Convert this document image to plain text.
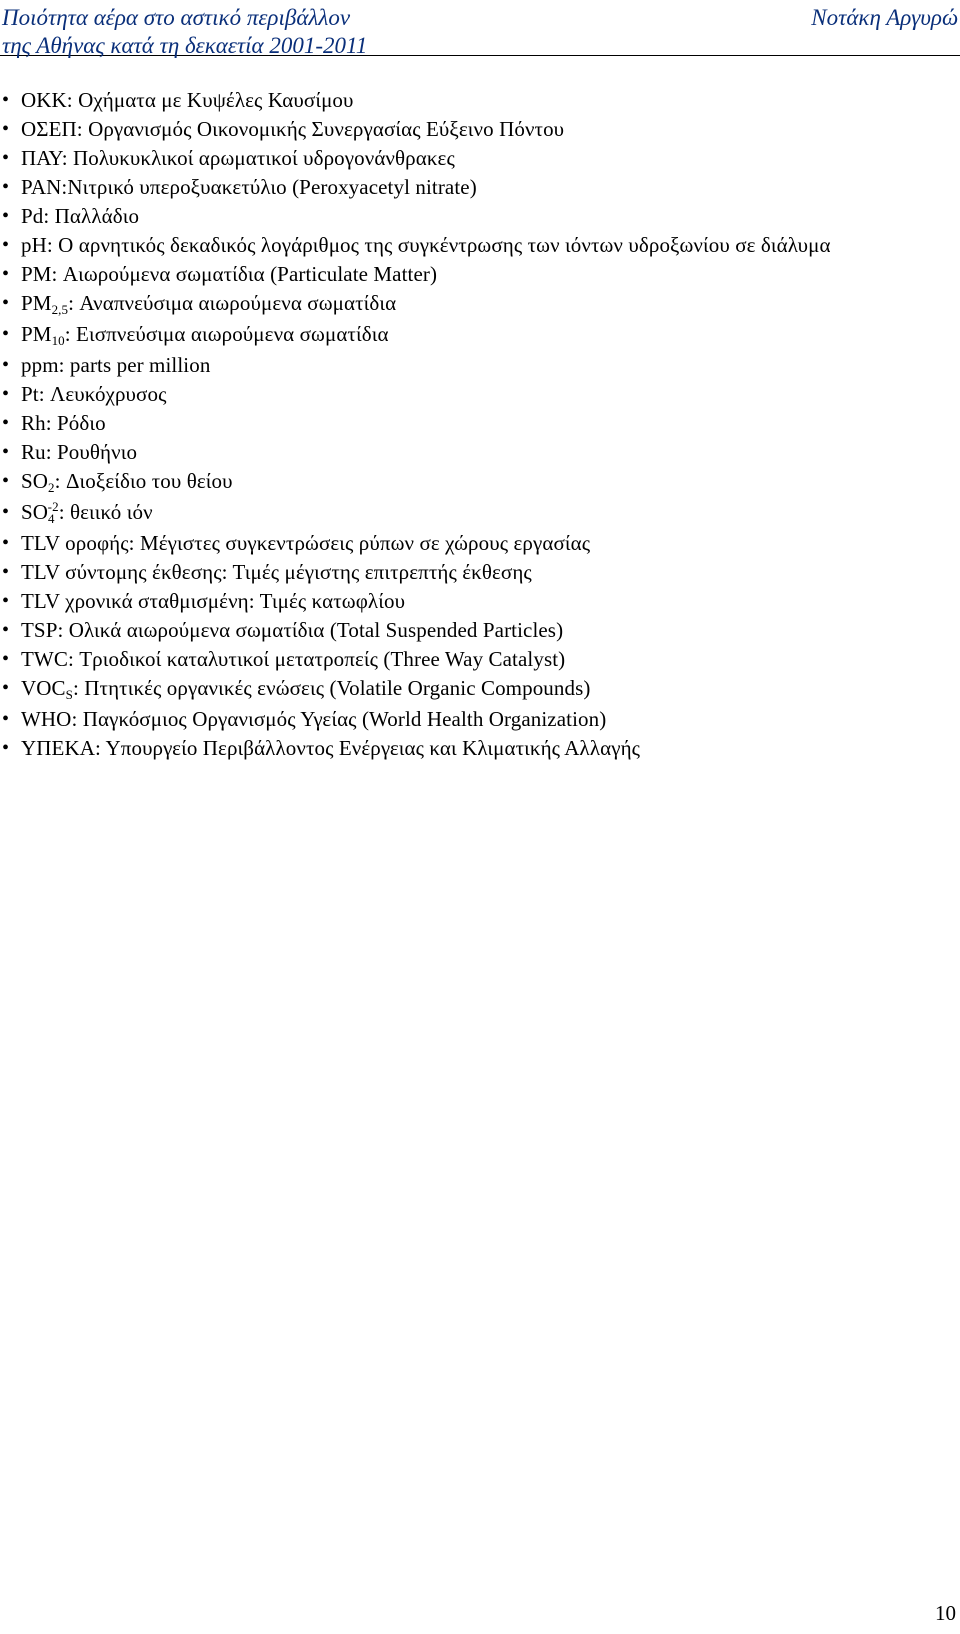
Ποιότητα αέρα στο αστικό περιβάλλον
της Αθήνας κατά τη δεκαετία 2001-2011
Νοτάκη Αργυρώ
• ΟΚΚ: Οχήματα με Κυψέλες Καυσίμου
• ΟΣΕΠ: Οργανισμός Οικονομικής Συνεργασίας Εύξεινο Πόντου
• ΠΑΥ: Πολυκυκλικοί αρωματικοί υδρογονάνθρακες
• PAN:Νιτρικό υπεροξυακετύλιο (Peroxyacetyl nitrate)
• Pd: Παλλάδιο
• pH: Ο αρνητικός δεκαδικός λογάριθμος της συγκέντρωσης των ιόντων υδροξωνίου σε διάλυμα
• PM: Αιωρούμενα σωματίδια (Particulate Matter)
• PM2,5: Αναπνεύσιμα αιωρούμενα σωματίδια
• PM10: Εισπνεύσιμα αιωρούμενα σωματίδια
• ppm: parts per million
• Pt: Λευκόχρυσος
• Rh: Ρόδιο
• Ru: Ρουθήνιο
• SO2: Διοξείδιο του θείου
• $SO4^{-2}$: θειικό ιόν
• TLV οροφής: Μέγιστες συγκεντρώσεις ρύπων σε χώρους εργασίας
• TLV σύντομης έκθεσης: Τιμές μέγιστης επιτρεπτής έκθεσης
• TLV χρονικά σταθμισμένη: Τιμές κατωφλίου
• TSP: Ολικά αιωρούμενα σωματίδια (Total Suspended Particles)
• TWC: Τριοδικοί καταλυτικοί μετατροπείς (Three Way Catalyst)
• VOCS: Πτητικές οργανικές ενώσεις (Volatile Organic Compounds)
• WHO: Παγκόσμιος Οργανισμός Υγείας (World Health Organization)
• ΥΠΕΚΑ: Υπουργείο Περιβάλλοντος Ενέργειας και Κλιματικής Αλλαγής
10
